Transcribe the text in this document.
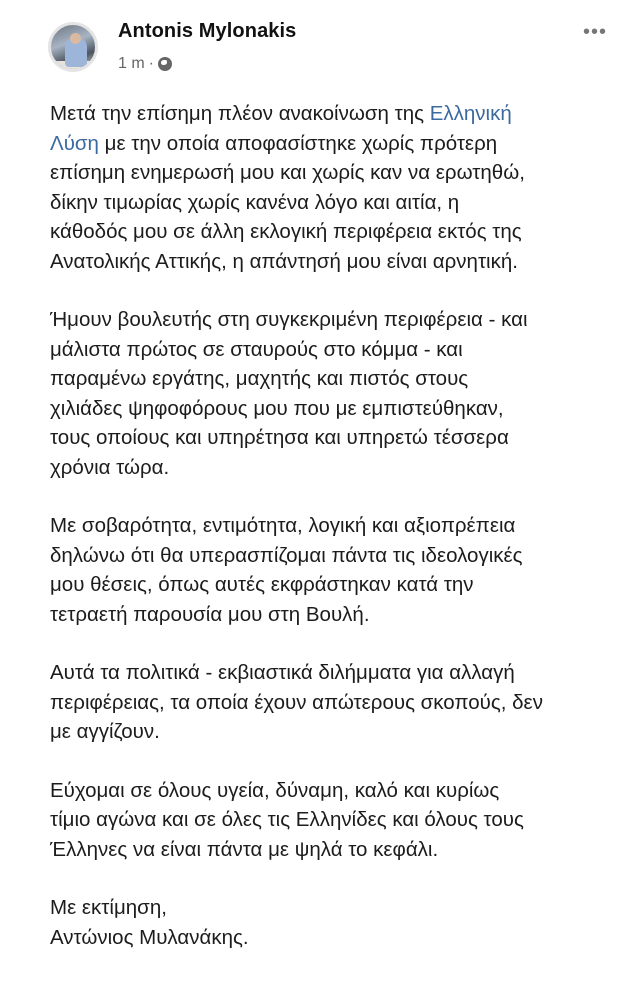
Antonis Mylonakis
1 m ·
•••
Μετά την επίσημη πλέον ανακοίνωση της Ελληνική
Λύση με την οποία αποφασίστηκε χωρίς πρότερη
επίσημη ενημερωσή μου και χωρίς καν να ερωτηθώ,
δίκην τιμωρίας χωρίς κανένα λόγο και αιτία, η
κάθοδός μου σε άλλη εκλογική περιφέρεια εκτός της
Ανατολικής Αττικής, η απάντησή μου είναι αρνητική.
Ήμουν βουλευτής στη συγκεκριμένη περιφέρεια - και
μάλιστα πρώτος σε σταυρούς στο κόμμα - και
παραμένω εργάτης, μαχητής και πιστός στους
χιλιάδες ψηφοφόρους μου που με εμπιστεύθηκαν,
τους οποίους και υπηρέτησα και υπηρετώ τέσσερα
χρόνια τώρα.
Με σοβαρότητα, εντιμότητα, λογική και αξιοπρέπεια
δηλώνω ότι θα υπερασπίζομαι πάντα τις ιδεολογικές
μου θέσεις, όπως αυτές εκφράστηκαν κατά την
τετραετή παρουσία μου στη Βουλή.
Αυτά τα πολιτικά - εκβιαστικά διλήμματα για αλλαγή
περιφέρειας, τα οποία έχουν απώτερους σκοπούς, δεν
με αγγίζουν.
Εύχομαι σε όλους υγεία, δύναμη, καλό και κυρίως
τίμιο αγώνα και σε όλες τις Ελληνίδες και όλους τους
Έλληνες να είναι πάντα με ψηλά το κεφάλι.
Με εκτίμηση,
Αντώνιος Μυλανάκης.
